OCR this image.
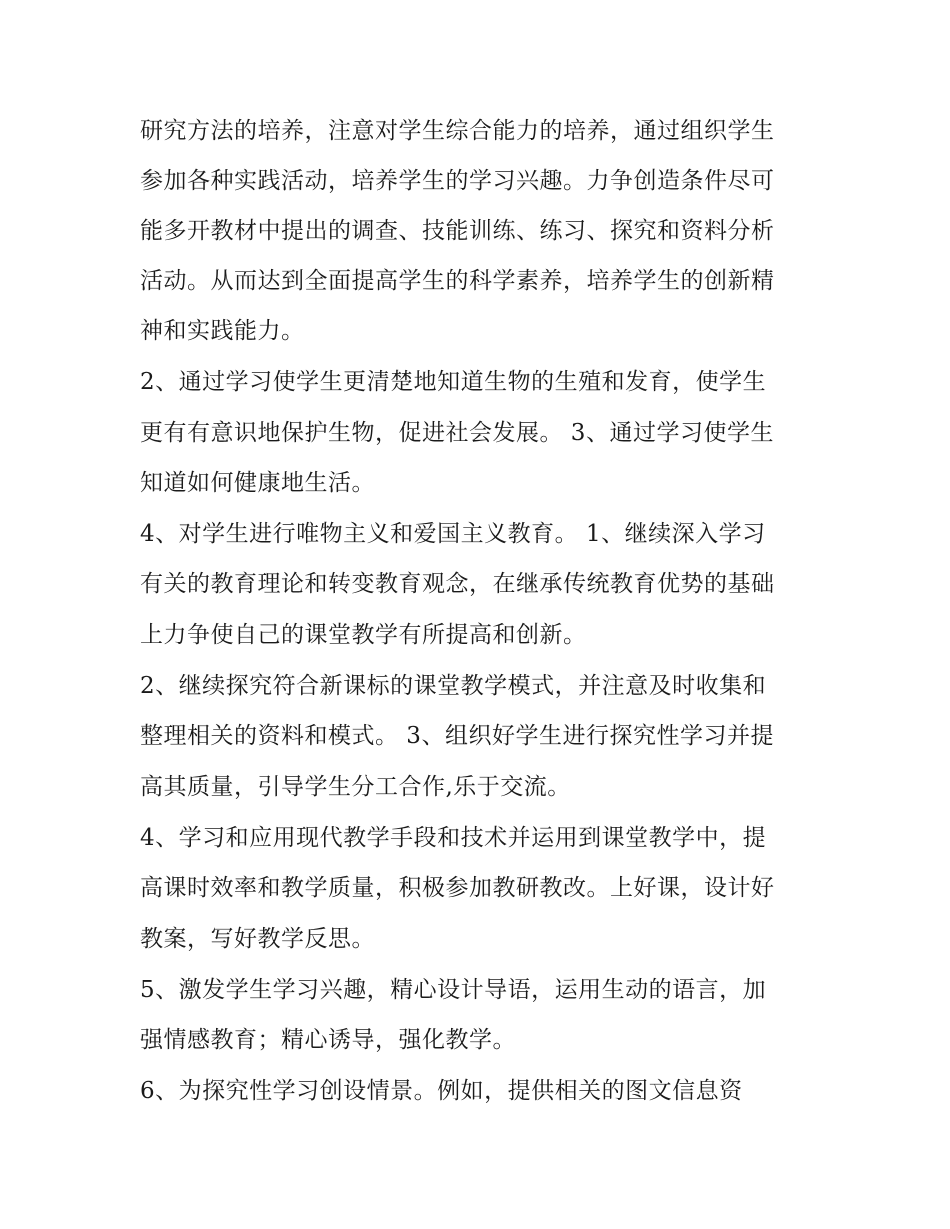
研究方法的培养，注意对学生综合能力的培养，通过组织学生
参加各种实践活动，培养学生的学习兴趣。力争创造条件尽可
能多开教材中提出的调查、技能训练、练习、探究和资料分析
活动。从而达到全面提高学生的科学素养，培养学生的创新精
神和实践能力。
2、通过学习使学生更清楚地知道生物的生殖和发育，使学生
更有有意识地保护生物，促进社会发展。 3、通过学习使学生
知道如何健康地生活。
4、对学生进行唯物主义和爱国主义教育。 1、继续深入学习
有关的教育理论和转变教育观念，在继承传统教育优势的基础
上力争使自己的课堂教学有所提高和创新。
2、继续探究符合新课标的课堂教学模式，并注意及时收集和
整理相关的资料和模式。 3、组织好学生进行探究性学习并提
高其质量，引导学生分工合作,乐于交流。
4、学习和应用现代教学手段和技术并运用到课堂教学中，提
高课时效率和教学质量，积极参加教研教改。上好课，设计好
教案，写好教学反思。
5、激发学生学习兴趣，精心设计导语，运用生动的语言，加
强情感教育；精心诱导，强化教学。
6、为探究性学习创设情景。例如，提供相关的图文信息资
